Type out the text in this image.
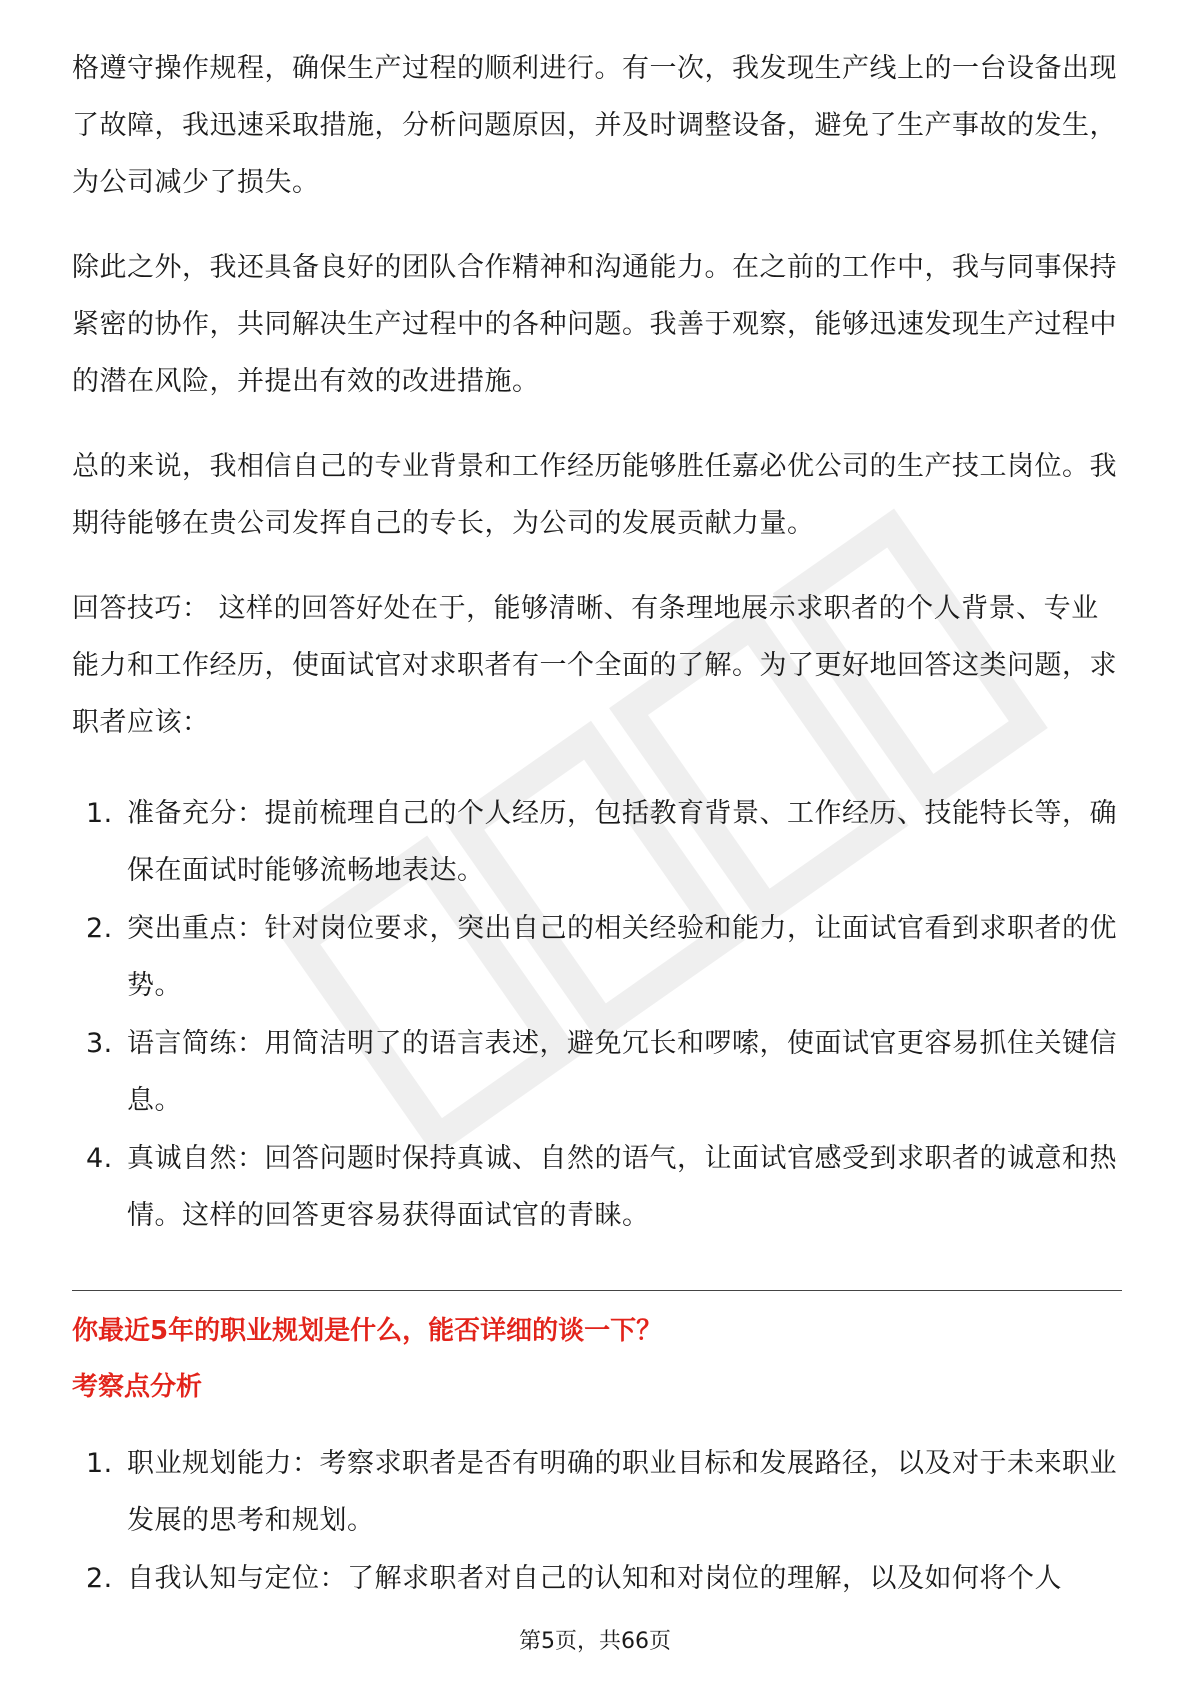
格遵守操作规程，确保生产过程的顺利进行。有一次，我发现生产线上的一台设备出现了故障，我迅速采取措施，分析问题原因，并及时调整设备，避免了生产事故的发生，为公司减少了损失。

除此之外，我还具备良好的团队合作精神和沟通能力。在之前的工作中，我与同事保持紧密的协作，共同解决生产过程中的各种问题。我善于观察，能够迅速发现生产过程中的潜在风险，并提出有效的改进措施。

总的来说，我相信自己的专业背景和工作经历能够胜任嘉必优公司的生产技工岗位。我期待能够在贵公司发挥自己的专长，为公司的发展贡献力量。

回答技巧： 这样的回答好处在于，能够清晰、有条理地展示求职者的个人背景、专业能力和工作经历，使面试官对求职者有一个全面的了解。为了更好地回答这类问题，求职者应该：

1. 准备充分：提前梳理自己的个人经历，包括教育背景、工作经历、技能特长等，确保在面试时能够流畅地表达。
2. 突出重点：针对岗位要求，突出自己的相关经验和能力，让面试官看到求职者的优势。
3. 语言简练：用简洁明了的语言表述，避免冗长和啰嗦，使面试官更容易抓住关键信息。
4. 真诚自然：回答问题时保持真诚、自然的语气，让面试官感受到求职者的诚意和热情。这样的回答更容易获得面试官的青睐。

你最近5年的职业规划是什么，能否详细的谈一下？

考察点分析

1. 职业规划能力：考察求职者是否有明确的职业目标和发展路径，以及对于未来职业发展的思考和规划。
2. 自我认知与定位：了解求职者对自己的认知和对岗位的理解，以及如何将个人
第5页，共66页
